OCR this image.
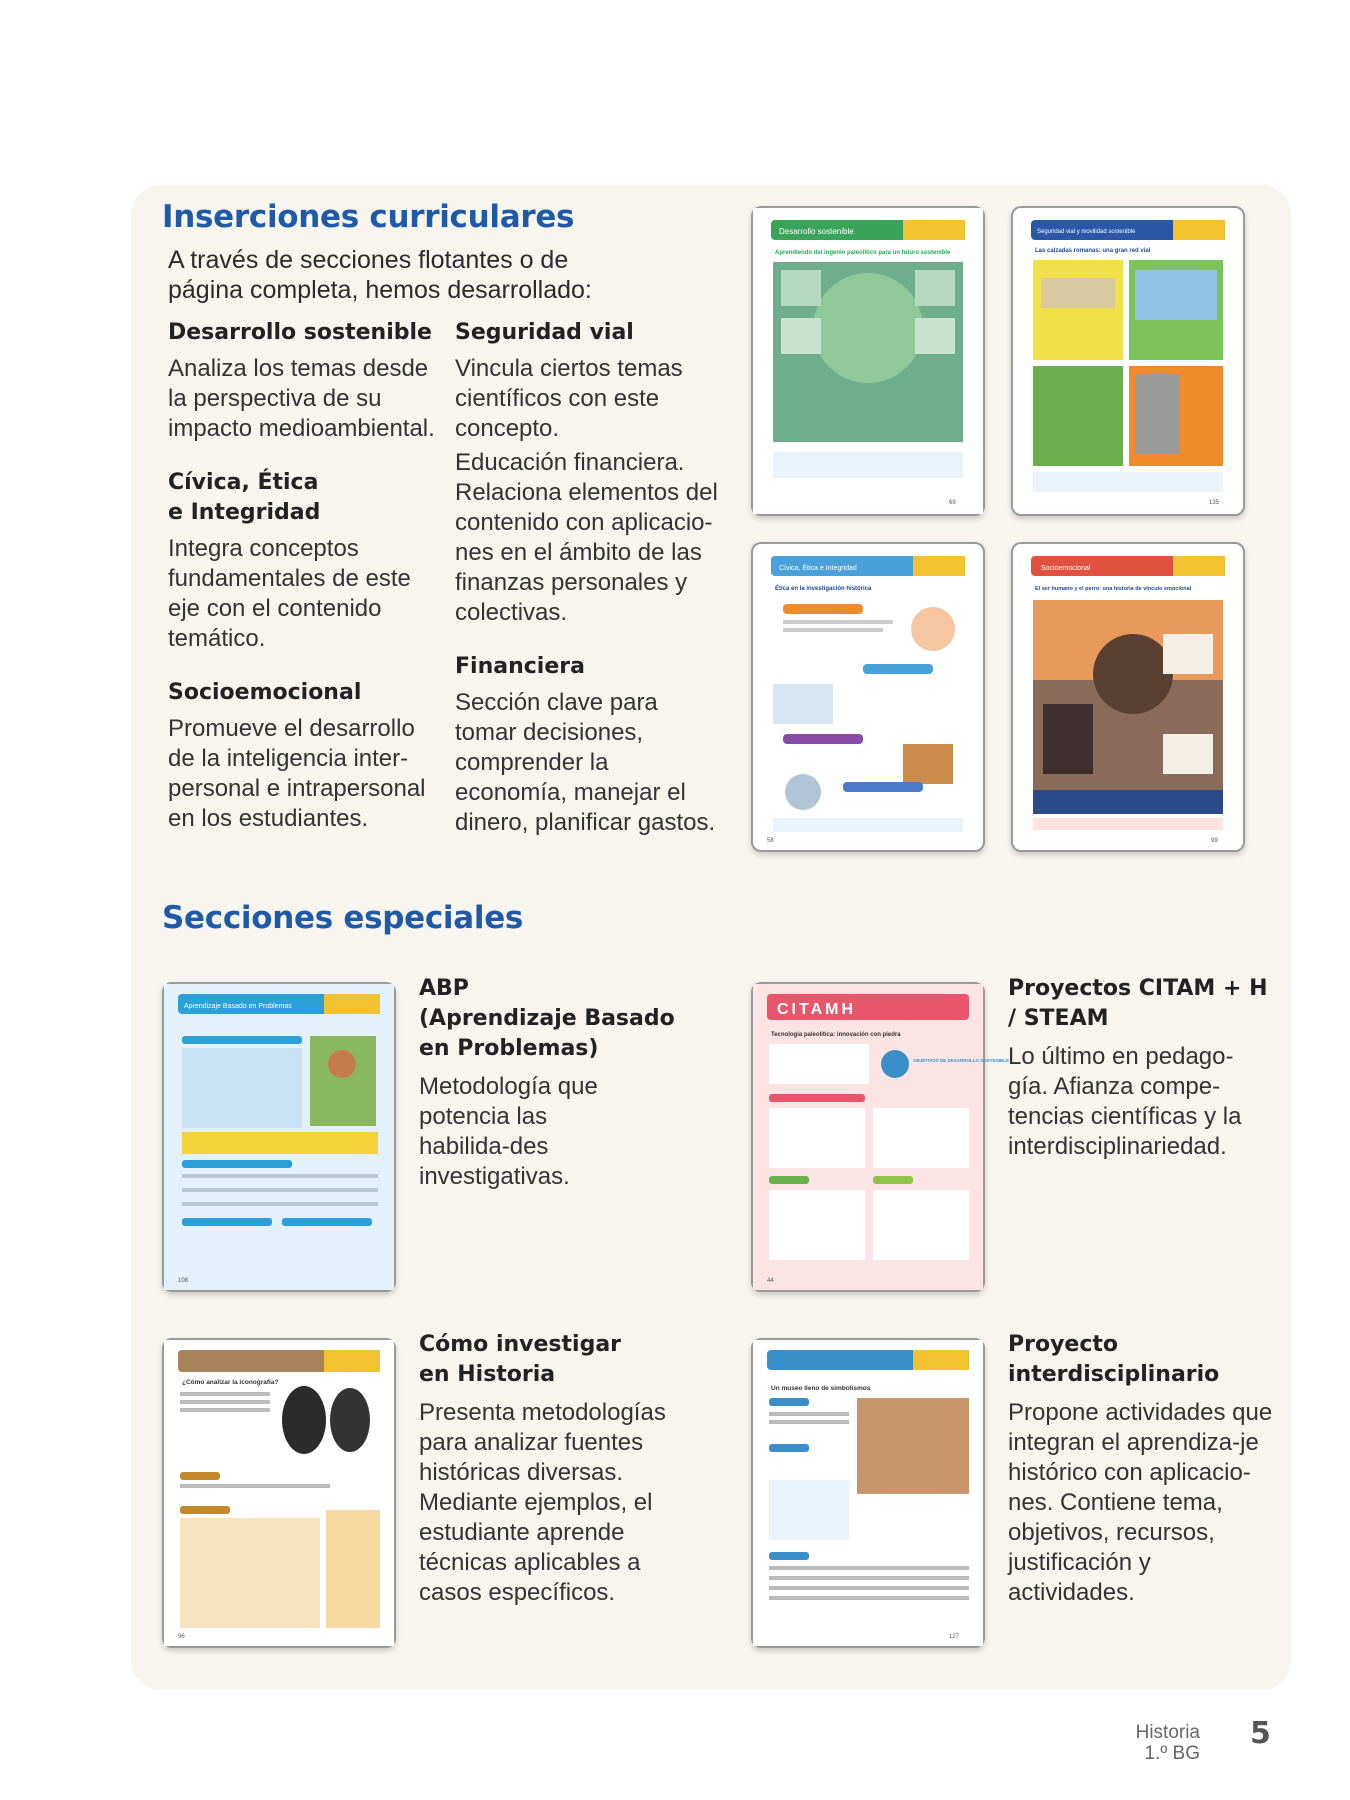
Inserciones curriculares

A través de secciones flotantes o de página completa, hemos desarrollado:

Desarrollo sostenible

Analiza los temas desde la perspectiva de su impacto medioambiental.

Cívica, Ética
e Integridad

Integra conceptos fundamentales de este eje con el contenido temático.

Socioemocional

Promueve el desarrollo de la inteligencia inter-personal e intrapersonal en los estudiantes.

Seguridad vial

Vincula ciertos temas científicos con este concepto.

Educación financiera. Relaciona elementos del contenido con aplicacio-nes en el ámbito de las finanzas personales y colectivas.

Financiera

Sección clave para tomar decisiones, comprender la economía, manejar el dinero, planificar gastos.

Desarrollo sostenible
Aprendiendo del ingenio paleolítico para un futuro sostenible
69
Seguridad vial y movilidad sostenible
Las calzadas romanas: una gran red vial
135
Cívica, Ética e Integridad
Ética en la investigación histórica
58
Socioemocional
El ser humano y el perro: una historia de vínculo emocional
99
Secciones especiales
Aprendizaje Basado en Problemas
108
ABP
(Aprendizaje Basado
en Problemas)

Metodología que potencia las habilida-des investigativas.

CITAMH
Tecnología paleolítica: innovación con piedra
OBJETIVOS DE DESARROLLO SOSTENIBLE
44
Proyectos CITAM + H
/ STEAM

Lo último en pedago-gía. Afianza compe-tencias científicas y la interdisciplinariedad.

¿Cómo analizar la iconografía?
96
Cómo investigar
en Historia

Presenta metodologías para analizar fuentes históricas diversas. Mediante ejemplos, el estudiante aprende técnicas aplicables a casos específicos.

Un museo lleno de simbolismos
127
Proyecto
interdisciplinario

Propone actividades que integran el aprendiza-je histórico con aplicacio-nes. Contiene tema, objetivos, recursos, justificación y actividades.

Historia
1.º BG
5
